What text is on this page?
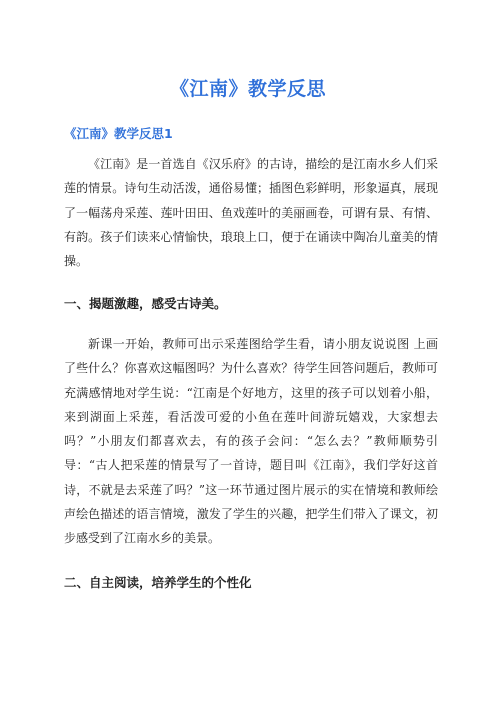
《江南》教学反思
《江南》教学反思1

《江南》是一首选自《汉乐府》的古诗，描绘的是江南水乡人们采莲的情景。诗句生动活泼，通俗易懂；插图色彩鲜明，形象逼真，展现了一幅荡舟采莲、莲叶田田、鱼戏莲叶的美丽画卷，可谓有景、有情、有韵。孩子们读来心情愉快，琅琅上口，便于在诵读中陶冶儿童美的情操。

一、揭题激趣，感受古诗美。

新课一开始，教师可出示采莲图给学生看，请小朋友说说图 上画了些什么？你喜欢这幅图吗？为什么喜欢？待学生回答问题后，教师可充满感情地对学生说：“江南是个好地方，这里的孩子可以划着小船，来到湖面上采莲，看活泼可爱的小鱼在莲叶间游玩嬉戏，大家想去吗？”小朋友们都喜欢去，有的孩子会问：“怎么去？”教师顺势引导：“古人把采莲的情景写了一首诗，题目叫《江南》，我们学好这首诗，不就是去采莲了吗？”这一环节通过图片展示的实在情境和教师绘声绘色描述的语言情境，激发了学生的兴趣，把学生们带入了课文，初步感受到了江南水乡的美景。

二、自主阅读，培养学生的个性化
